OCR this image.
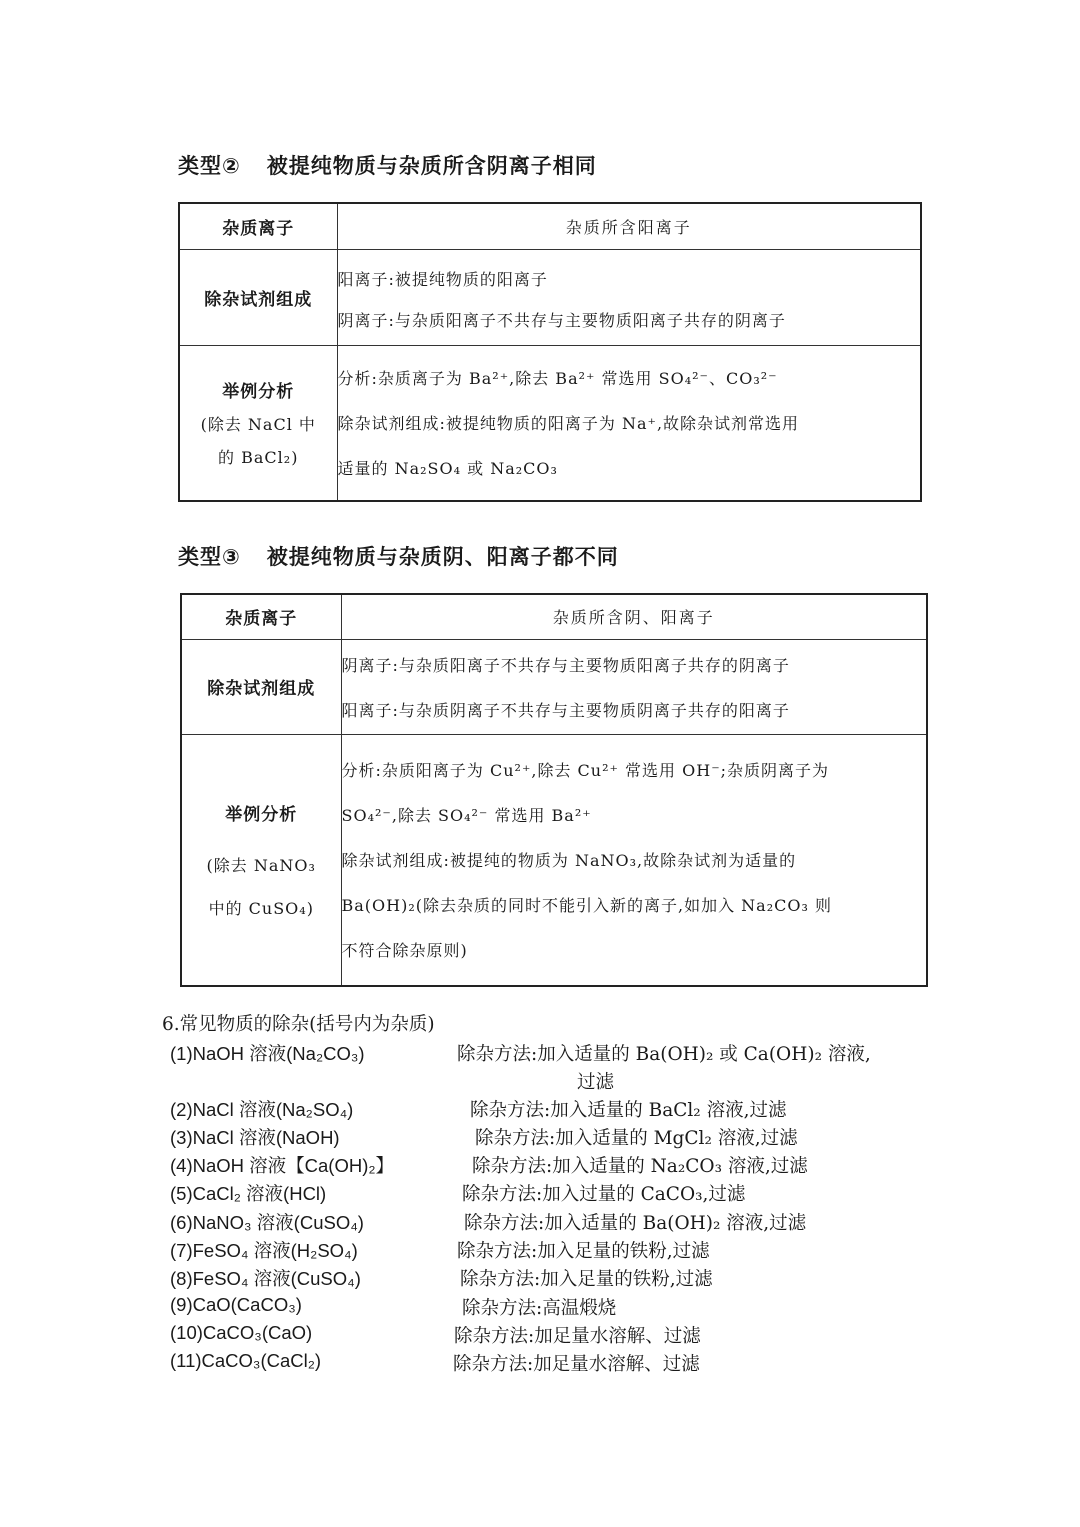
类型② 被提纯物质与杂质所含阴离子相同
杂质离子	杂质所含阳离子
除杂试剂组成	阳离子:被提纯物质的阳离子
阴离子:与杂质阳离子不共存与主要物质阳离子共存的阴离子

举例分析
(除去 NaCl 中
的 BaCl₂)	分析:杂质离子为 Ba²⁺,除去 Ba²⁺ 常选用 SO₄²⁻、CO₃²⁻
除杂试剂组成:被提纯物质的阳离子为 Na⁺,故除杂试剂常选用
适量的 Na₂SO₄ 或 Na₂CO₃
类型③ 被提纯物质与杂质阴、阳离子都不同
杂质离子	杂质所含阴、阳离子
除杂试剂组成	阴离子:与杂质阳离子不共存与主要物质阳离子共存的阴离子
阳离子:与杂质阴离子不共存与主要物质阴离子共存的阳离子

举例分析
(除去 NaNO₃
中的 CuSO₄)	分析:杂质阳离子为 Cu²⁺,除去 Cu²⁺ 常选用 OH⁻;杂质阴离子为
SO₄²⁻,除去 SO₄²⁻ 常选用 Ba²⁺
除杂试剂组成:被提纯的物质为 NaNO₃,故除杂试剂为适量的
Ba(OH)₂(除去杂质的同时不能引入新的离子,如加入 Na₂CO₃ 则
不符合除杂原则)
6.常见物质的除杂(括号内为杂质)
(1)NaOH 溶液(Na₂CO₃)	除杂方法:加入适量的 Ba(OH)₂ 或 Ca(OH)₂ 溶液,
过滤
(2)NaCl 溶液(Na₂SO₄)	除杂方法:加入适量的 BaCl₂ 溶液,过滤
(3)NaCl 溶液(NaOH)	除杂方法:加入适量的 MgCl₂ 溶液,过滤
(4)NaOH 溶液【Ca(OH)₂】	除杂方法:加入适量的 Na₂CO₃ 溶液,过滤
(5)CaCl₂ 溶液(HCl)	除杂方法:加入过量的 CaCO₃,过滤
(6)NaNO₃ 溶液(CuSO₄)	除杂方法:加入适量的 Ba(OH)₂ 溶液,过滤
(7)FeSO₄ 溶液(H₂SO₄)	除杂方法:加入足量的铁粉,过滤
(8)FeSO₄ 溶液(CuSO₄)	除杂方法:加入足量的铁粉,过滤
(9)CaO(CaCO₃)	除杂方法:高温煅烧
(10)CaCO₃(CaO)	除杂方法:加足量水溶解、过滤
(11)CaCO₃(CaCl₂)	除杂方法:加足量水溶解、过滤
